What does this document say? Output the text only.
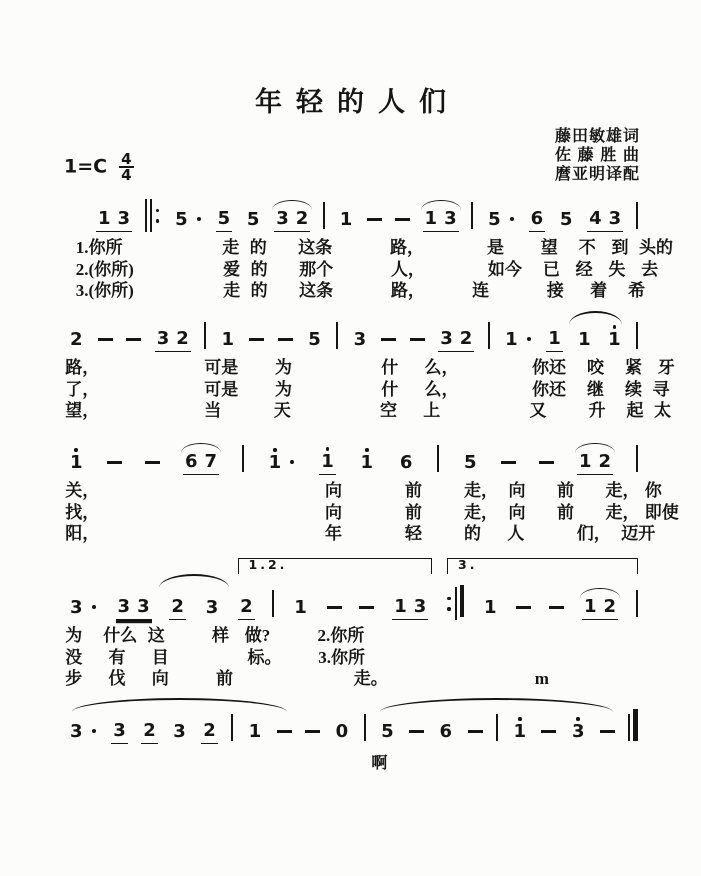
年轻的人们
藤田敏雄词
佐藤胜曲
麿亚明译配
$1=C \frac{4}{4}$
1 3	5 5 5 3 2 1	1 3 5 6 5 4 3
1.你所                   走  的      这条           路，            是       望    不   到  头的
2.(你所)                 爱  的      那个           人，            如今    已   经   失   去
3.(你所)                 走  的      这条           路，         连           接     着    希
2	3 2 1	5 3	3 2 1 1 1 1
路，                    可是       为                 什     么，              你还    咬    紧   牙
了，                    可是       为                 什     么，              你还    继    续  寻
望，                    当          天                 空     上                 又        升    起  太
1	6 7	1 1 1 6	5	1 2
关，                                           向            前        走，  向      前      走， 你
找，                                           向            前        走，  向      前      走， 即使
阳，                                           年            轻        的     人          们，  迈开
3 3 3 2 3 2 1	1 3	1	1 2
1.2.	3.
为    什么  这         样   做?         2.你所
没     有     目               标。       3.你所
步     伐     向         前                       走。                            m
啊
3 3 2 3 2 1	0 5	6	1	3
